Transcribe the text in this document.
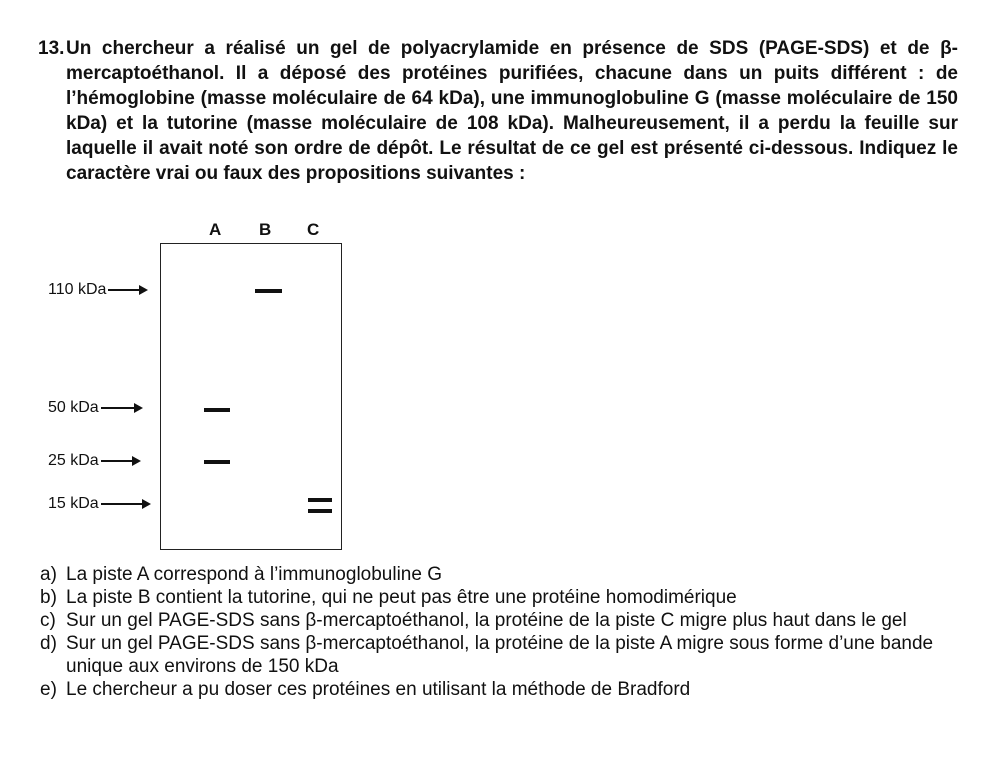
13. Un chercheur a réalisé un gel de polyacrylamide en présence de SDS (PAGE-SDS) et de β-mercaptoéthanol. Il a déposé des protéines purifiées, chacune dans un puits différent : de l’hémoglobine (masse moléculaire de 64 kDa), une immunoglobuline G (masse moléculaire de 150 kDa) et la tutorine (masse moléculaire de 108 kDa). Malheureusement, il a perdu la feuille sur laquelle il avait noté son ordre de dépôt. Le résultat de ce gel est présenté ci-dessous. Indiquez le caractère vrai ou faux des propositions suivantes :
A B C
110 kDa
50 kDa
25 kDa
15 kDa
a) La piste A correspond à l’immunoglobuline G
b) La piste B contient la tutorine, qui ne peut pas être une protéine homodimérique
c) Sur un gel PAGE-SDS sans β-mercaptoéthanol, la protéine de la piste C migre plus haut dans le gel
d) Sur un gel PAGE-SDS sans β-mercaptoéthanol, la protéine de la piste A migre sous forme d’une bande unique aux environs de 150 kDa
e) Le chercheur a pu doser ces protéines en utilisant la méthode de Bradford
